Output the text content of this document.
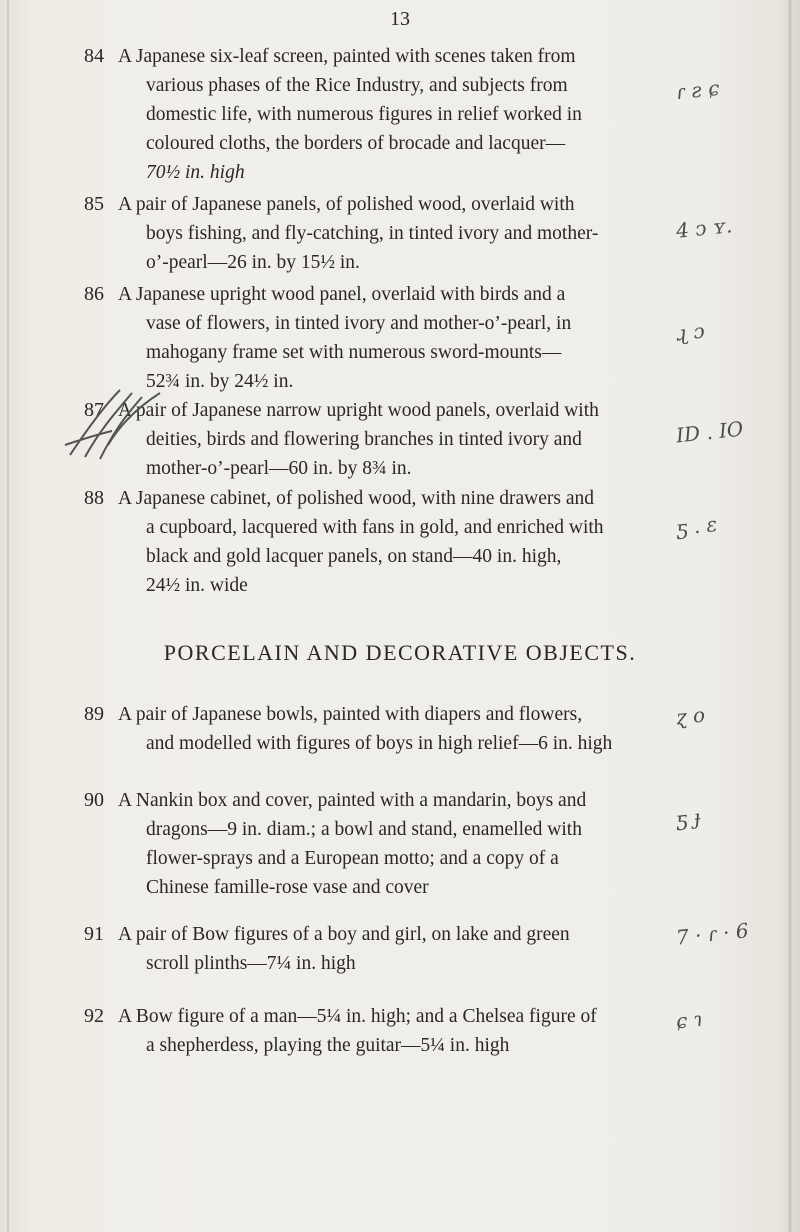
13
84 A Japanese six-leaf screen, painted with scenes taken from
various phases of the Rice Industry, and subjects from
domestic life, with numerous figures in relief worked in
coloured cloths, the borders of brocade and lacquer—
70½ in. high
ɾ ƨ ɕ
85 A pair of Japanese panels, of polished wood, overlaid with
boys fishing, and fly-catching, in tinted ivory and mother-
o’-pearl—26 in. by 15½ in.
4 ↄ ʏ.
86 A Japanese upright wood panel, overlaid with birds and a
vase of flowers, in tinted ivory and mother-o’-pearl, in
mahogany frame set with numerous sword-mounts—
52¾ in. by 24½ in.
ɻ ɔ
87 A pair of Japanese narrow upright wood panels, overlaid with
deities, birds and flowering branches in tinted ivory and
mother-o’-pearl—60 in. by 8¾ in.
ID . IO
88 A Japanese cabinet, of polished wood, with nine drawers and
a cupboard, lacquered with fans in gold, and enriched with
black and gold lacquer panels, on stand—40 in. high,
24½ in. wide
ƽ . ɛ
PORCELAIN AND DECORATIVE OBJECTS.
89 A pair of Japanese bowls, painted with diapers and flowers,
and modelled with figures of boys in high relief—6 in. high
ɀ o
90 A Nankin box and cover, painted with a mandarin, boys and
dragons—9 in. diam.; a bowl and stand, enamelled with
flower-sprays and a European motto; and a copy of a
Chinese famille-rose vase and cover
ƽ ɟ
91 A pair of Bow figures of a boy and girl, on lake and green
scroll plinths—7¼ in. high
7 · ɾ · 6
92 A Bow figure of a man—5¼ in. high; and a Chelsea figure of
a shepherdess, playing the guitar—5¼ in. high
ɕ ɿ
